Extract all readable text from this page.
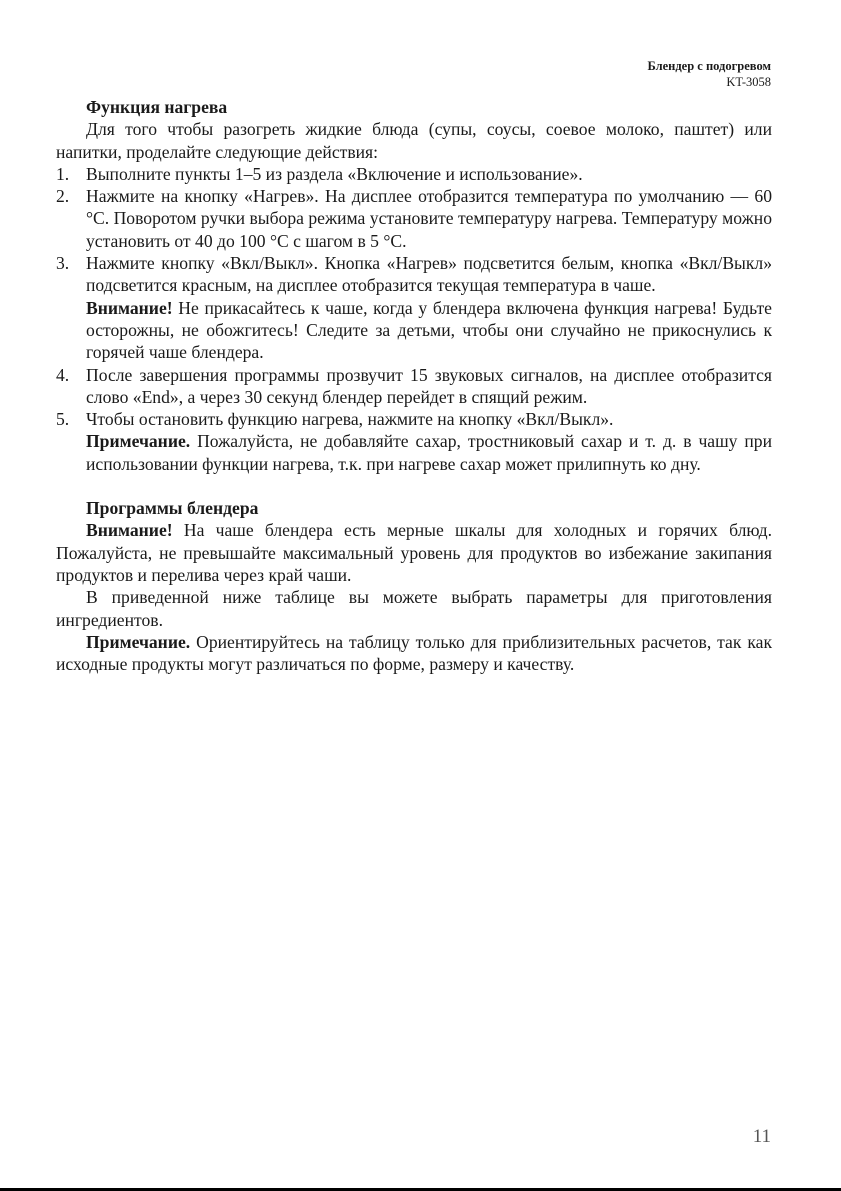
Блендер с подогревом
KT-3058

Функция нагрева

Для того чтобы разогреть жидкие блюда (супы, соусы, соевое молоко, паштет) или напитки, проделайте следующие действия:

1. Выполните пункты 1–5 из раздела «Включение и использование».
2. Нажмите на кнопку «Нагрев». На дисплее отобразится температура по умолчанию — 60 °С. Поворотом ручки выбора режима установите температуру нагрева. Температуру можно установить от 40 до 100 °С с шагом в 5 °С.
3. Нажмите кнопку «Вкл/Выкл». Кнопка «Нагрев» подсветится белым, кнопка «Вкл/Выкл» подсветится красным, на дисплее отобразится текущая температура в чаше.

Внимание! Не прикасайтесь к чаше, когда у блендера включена функция нагрева! Будьте осторожны, не обожгитесь! Следите за детьми, чтобы они случайно не прикоснулись к горячей чаше блендера.

4. После завершения программы прозвучит 15 звуковых сигналов, на дисплее отобразится слово «End», а через 30 секунд блендер перейдет в спящий режим.
5. Чтобы остановить функцию нагрева, нажмите на кнопку «Вкл/Выкл».

Примечание. Пожалуйста, не добавляйте сахар, тростниковый сахар и т. д. в чашу при использовании функции нагрева, т.к. при нагреве сахар может прилипнуть ко дну.

Программы блендера

Внимание! На чаше блендера есть мерные шкалы для холодных и горячих блюд. Пожалуйста, не превышайте максимальный уровень для продуктов во избежание закипания продуктов и перелива через край чаши.

В приведенной ниже таблице вы можете выбрать параметры для приготовления ингредиентов.

Примечание. Ориентируйтесь на таблицу только для приблизительных расчетов, так как исходные продукты могут различаться по форме, размеру и качеству.

11
